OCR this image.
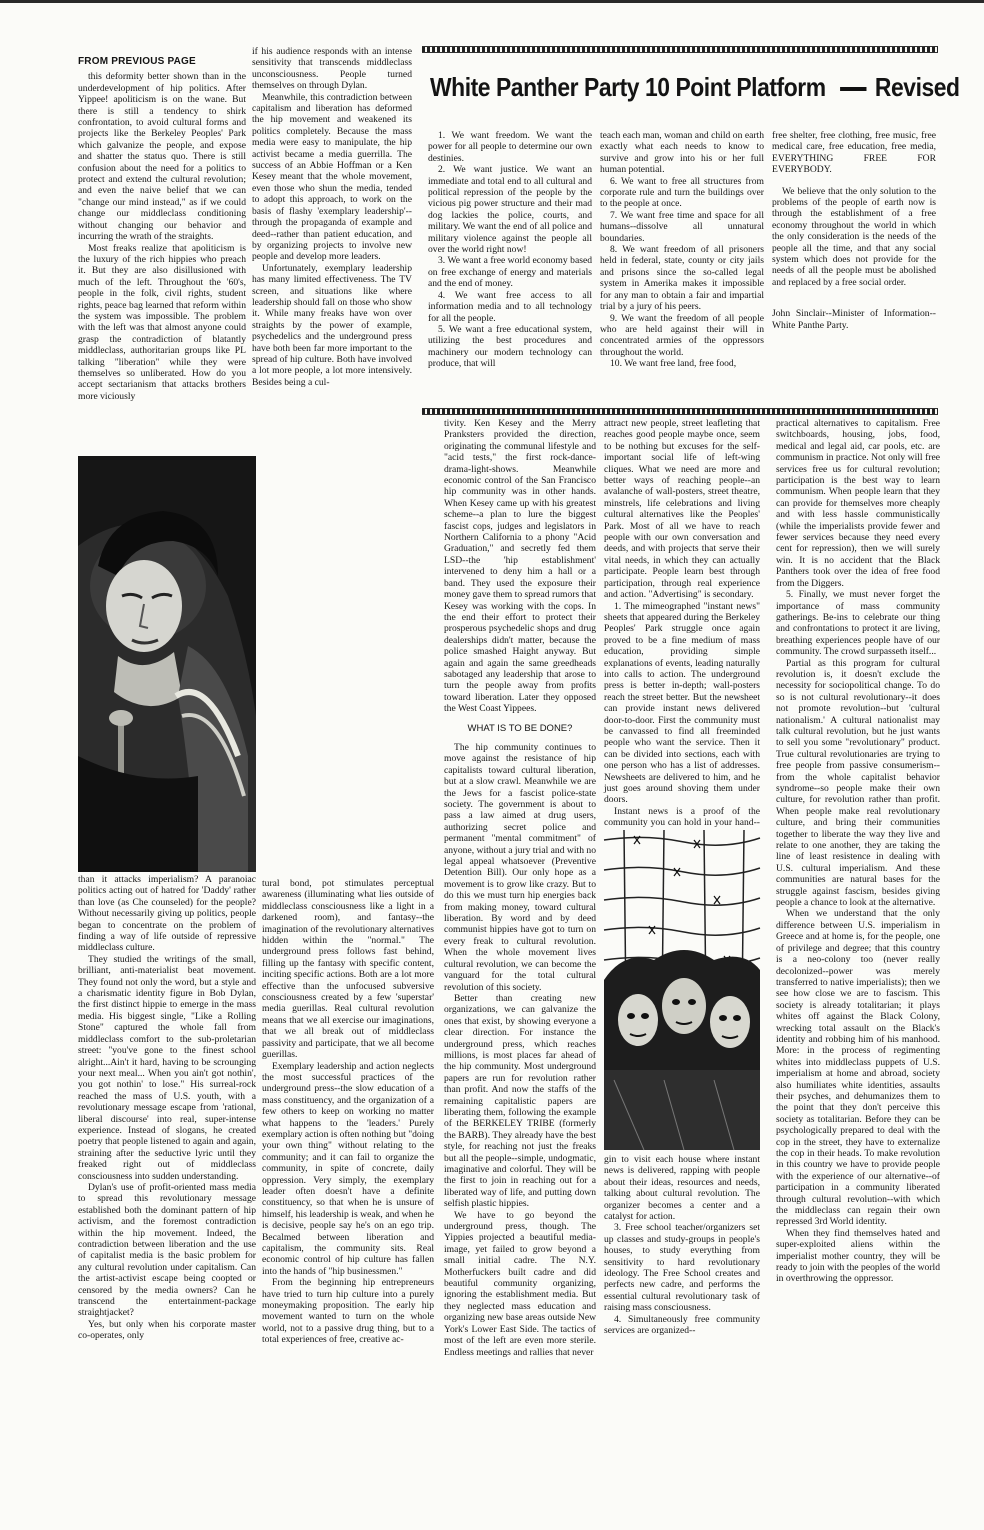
FROM PREVIOUS PAGE

this deformity better shown than in the underdevelopment of hip politics. After Yippee! apoliticism is on the wane. But there is still a tendency to shirk confrontation, to avoid cultural forms and projects like the Berkeley Peoples' Park which galvanize the people, and expose and shatter the status quo. There is still confusion about the need for a politics to protect and extend the cultural revolution; and even the naive belief that we can "change our mind instead," as if we could change our middleclass conditioning without changing our behavior and incurring the wrath of the straights.

Most freaks realize that apoliticism is the luxury of the rich hippies who preach it. But they are also disillusioned with much of the left. Throughout the '60's, people in the folk, civil rights, student rights, peace bag learned that reform within the system was impossible. The problem with the left was that almost anyone could grasp the contradiction of blatantly middleclass, authoritarian groups like PL talking "liberation" while they were themselves so unliberated. How do you accept sectarianism that attacks brothers more viciously

if his audience responds with an intense sensitivity that transcends middleclass unconsciousness. People turned themselves on through Dylan.

Meanwhile, this contradiction between capitalism and liberation has deformed the hip movement and weakened its politics completely. Because the mass media were easy to manipulate, the hip activist became a media guerrilla. The success of an Abbie Hoffman or a Ken Kesey meant that the whole movement, even those who shun the media, tended to adopt this approach, to work on the basis of flashy 'exemplary leadership'--through the propaganda of example and deed--rather than patient education, and by organizing projects to involve new people and develop more leaders.

Unfortunately, exemplary leadership has many limited effectiveness. The TV screen, and situations like where leadership should fall on those who show it. While many freaks have won over straights by the power of example, psychedelics and the underground press have both been far more important to the spread of hip culture. Both have involved a lot more people, a lot more intensively. Besides being a cul-

White Panther Party 10 Point Platform Revised

1. We want freedom. We want the power for all people to determine our own destinies.

2. We want justice. We want an immediate and total end to all cultural and political repression of the people by the vicious pig power structure and their mad dog lackies the police, courts, and military. We want the end of all police and military violence against the people all over the world right now!

3. We want a free world economy based on free exchange of energy and materials and the end of money.

4. We want free access to all information media and to all technology for all the people.

5. We want a free educational system, utilizing the best procedures and machinery our modern technology can produce, that will

teach each man, woman and child on earth exactly what each needs to know to survive and grow into his or her full human potential.

6. We want to free all structures from corporate rule and turn the buildings over to the people at once.

7. We want free time and space for all humans--dissolve all unnatural boundaries.

8. We want freedom of all prisoners held in federal, state, county or city jails and prisons since the so-called legal system in Amerika makes it impossible for any man to obtain a fair and impartial trial by a jury of his peers.

9. We want the freedom of all people who are held against their will in concentrated armies of the oppressors throughout the world.

10. We want free land, free food,

free shelter, free clothing, free music, free medical care, free education, free media, EVERYTHING FREE FOR EVERYBODY.

We believe that the only solution to the problems of the people of earth now is through the establishment of a free economy throughout the world in which the only consideration is the needs of the people all the time, and that any social system which does not provide for the needs of all the people must be abolished and replaced by a free social order.

John Sinclair--Minister of Information--White Panthe Party.

than it attacks imperialism? A paranoiac politics acting out of hatred for 'Daddy' rather than love (as Che counseled) for the people? Without necessarily giving up politics, people began to concentrate on the problem of finding a way of life outside of repressive middleclass culture.

They studied the writings of the small, brilliant, anti-materialist beat movement. They found not only the word, but a style and a charismatic identity figure in Bob Dylan, the first distinct hippie to emerge in the mass media. His biggest single, "Like a Rolling Stone" captured the whole fall from middleclass comfort to the sub-proletarian street: "you've gone to the finest school alright...Ain't it hard, having to be scrounging your next meal... When you ain't got nothin', you got nothin' to lose." His surreal-rock reached the mass of U.S. youth, with a revolutionary message escape from 'rational, liberal discourse' into real, super-intense experience. Instead of slogans, he created poetry that people listened to again and again, straining after the seductive lyric until they freaked right out of middleclass consciousness into sudden understanding.

Dylan's use of profit-oriented mass media to spread this revolutionary message established both the dominant pattern of hip activism, and the foremost contradiction within the hip movement. Indeed, the contradiction between liberation and the use of capitalist media is the basic problem for any cultural revolution under capitalism. Can the artist-activist escape being coopted or censored by the media owners? Can he transcend the entertainment-package straightjacket?

Yes, but only when his corporate master co-operates, only

tural bond, pot stimulates perceptual awareness (illuminating what lies outside of middleclass consciousness like a light in a darkened room), and fantasy--the imagination of the revolutionary alternatives hidden within the "normal." The underground press follows fast behind, filling up the fantasy with specific content, inciting specific actions. Both are a lot more effective than the unfocused subversive consciousness created by a few 'superstar' media guerillas. Real cultural revolution means that we all exercise our imaginations, that we all break out of middleclass passivity and participate, that we all become guerillas.

Exemplary leadership and action neglects the most successful practices of the underground press--the slow education of a mass constituency, and the organization of a few others to keep on working no matter what happens to the 'leaders.' Purely exemplary action is often nothing but "doing your own thing" without relating to the community; and it can fail to organize the community, in spite of concrete, daily oppression. Very simply, the exemplary leader often doesn't have a definite constituency, so that when he is unsure of himself, his leadership is weak, and when he is decisive, people say he's on an ego trip. Becalmed between liberation and capitalism, the community sits. Real economic control of hip culture has fallen into the hands of "hip businessmen."

From the beginning hip entrepreneurs have tried to turn hip culture into a purely moneymaking proposition. The early hip movement wanted to turn on the whole world, not to a passive drug thing, but to a total experiences of free, creative ac-

tivity. Ken Kesey and the Merry Pranksters provided the direction, originating the communal lifestyle and "acid tests," the first rock-dance-drama-light-shows. Meanwhile economic control of the San Francisco hip community was in other hands. When Kesey came up with his greatest scheme--a plan to lure the biggest fascist cops, judges and legislators in Northern California to a phony "Acid Graduation," and secretly fed them LSD--the 'hip establishment' intervened to deny him a hall or a band. They used the exposure their money gave them to spread rumors that Kesey was working with the cops. In the end their effort to protect their prosperous psychedelic shops and drug dealerships didn't matter, because the police smashed Haight anyway. But again and again the same greedheads sabotaged any leadership that arose to turn the people away from profits toward liberation. Later they opposed the West Coast Yippees.

WHAT IS TO BE DONE?

The hip community continues to move against the resistance of hip capitalists toward cultural liberation, but at a slow crawl. Meanwhile we are the Jews for a fascist police-state society. The government is about to pass a law aimed at drug users, authorizing secret police and permanent "mental commitment" of anyone, without a jury trial and with no legal appeal whatsoever (Preventive Detention Bill). Our only hope as a movement is to grow like crazy. But to do this we must turn hip energies back from making money, toward cultural liberation. By word and by deed communist hippies have got to turn on every freak to cultural revolution. When the whole movement lives cultural revolution, we can become the vanguard for the total cultural revolution of this society.

Better than creating new organizations, we can galvanize the ones that exist, by showing everyone a clear direction. For instance the underground press, which reaches millions, is most places far ahead of the hip community. Most underground papers are run for revolution rather than profit. And now the staffs of the remaining capitalistic papers are liberating them, following the example of the BERKELEY TRIBE (formerly the BARB). They already have the best style, for reaching not just the freaks but all the people--simple, undogmatic, imaginative and colorful. They will be the first to join in reaching out for a liberated way of life, and putting down selfish plastic hippies.

We have to go beyond the underground press, though. The Yippies projected a beautiful media-image, yet failed to grow beyond a small initial cadre. The N.Y. Motherfuckers built cadre and did beautiful community organizing, ignoring the establishment media. But they neglected mass education and organizing new base areas outside New York's Lower East Side. The tactics of most of the left are even more sterile. Endless meetings and rallies that never

attract new people, street leafleting that reaches good people maybe once, seem to be nothing but excuses for the self-important social life of left-wing cliques. What we need are more and better ways of reaching people--an avalanche of wall-posters, street theatre, minstrels, life celebrations and living cultural alternatives like the Peoples' Park. Most of all we have to reach people with our own conversation and deeds, and with projects that serve their vital needs, in which they can actually participate. People learn best through participation, through real experience and action. "Advertising" is secondary.

1. The mimeographed "instant news" sheets that appeared during the Berkeley Peoples' Park struggle once again proved to be a fine medium of mass education, providing simple explanations of events, leading naturally into calls to action. The underground press is better in-depth; wall-posters reach the street better. But the newsheet can provide instant news delivered door-to-door. First the community must be canvassed to find all freeminded people who want the service. Then it can be divided into sections, each with one person who has a list of addresses. Newsheets are delivered to him, and he just goes around shoving them under doors.

Instant news is a proof of the community you can hold in your hand--

gin to visit each house where instant news is delivered, rapping with people about their ideas, resources and needs, talking about cultural revolution. The organizer becomes a center and a catalyst for action.

3. Free school teacher/organizers set up classes and study-groups in people's houses, to study everything from sensitivity to hard revolutionary ideology. The Free School creates and perfects new cadre, and performs the essential cultural revolutionary task of raising mass consciousness.

4. Simultaneously free community services are organized--

practical alternatives to capitalism. Free switchboards, housing, jobs, food, medical and legal aid, car pools, etc. are communism in practice. Not only will free services free us for cultural revolution; participation is the best way to learn communism. When people learn that they can provide for themselves more cheaply and with less hassle communistically (while the imperialists provide fewer and fewer services because they need every cent for repression), then we will surely win. It is no accident that the Black Panthers took over the idea of free food from the Diggers.

5. Finally, we must never forget the importance of mass community gatherings. Be-ins to celebrate our thing and confrontations to protect it are living, breathing experiences people have of our community. The crowd surpasseth itself...

Partial as this program for cultural revolution is, it doesn't exclude the necessity for sociopolitical change. To do so is not cultural revolutionary--it does not promote revolution--but 'cultural nationalism.' A cultural nationalist may talk cultural revolution, but he just wants to sell you some "revolutionary" product. True cultural revolutionaries are trying to free people from passive consumerism--from the whole capitalist behavior syndrome--so people make their own culture, for revolution rather than profit. When people make real revolutionary culture, and bring their communities together to liberate the way they live and relate to one another, they are taking the line of least resistence in dealing with U.S. cultural imperialism. And these communities are natural bases for the struggle against fascism, besides giving people a chance to look at the alternative.

When we understand that the only difference between U.S. imperialism in Greece and at home is, for the people, one of privilege and degree; that this country is a neo-colony too (never really decolonized--power was merely transferred to native imperialists); then we see how close we are to fascism. This society is already totalitarian; it plays whites off against the Black Colony, wrecking total assault on the Black's identity and robbing him of his manhood. More: in the process of regimenting whites into middleclass puppets of U.S. imperialism at home and abroad, society also humiliates white identities, assaults their psyches, and dehumanizes them to the point that they don't perceive this society as totalitarian. Before they can be psychologically prepared to deal with the cop in the street, they have to externalize the cop in their heads. To make revolution in this country we have to provide people with the experience of our alternative--of participation in a community liberated through cultural revolution--with which the middleclass can regain their own repressed 3rd World identity.

When they find themselves hated and super-exploited aliens within the imperialist mother country, they will be ready to join with the peoples of the world in overthrowing the oppressor.
